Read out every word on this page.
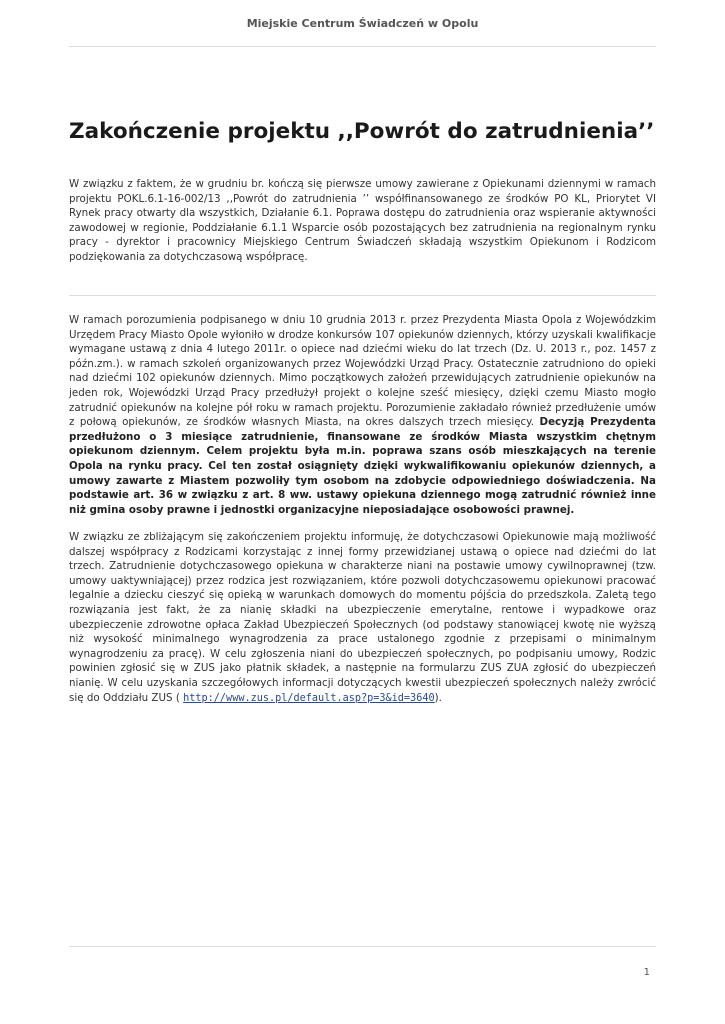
Miejskie Centrum Świadczeń w Opolu
Zakończenie projektu ,,Powrót do zatrudnienia’’

W związku z faktem, że w grudniu br. kończą się pierwsze umowy zawierane z Opiekunami dziennymi w ramach projektu POKL.6.1-16-002/13 ,,Powrót do zatrudnienia ’’ współfinansowanego ze środków PO KL, Priorytet VI Rynek pracy otwarty dla wszystkich, Działanie 6.1. Poprawa dostępu do zatrudnienia oraz wspieranie aktywności zawodowej w regionie, Poddziałanie 6.1.1 Wsparcie osób pozostających bez zatrudnienia na regionalnym rynku pracy - dyrektor i pracownicy Miejskiego Centrum Świadczeń składają wszystkim Opiekunom i Rodzicom podziękowania za dotychczasową współpracę.

W ramach porozumienia podpisanego w dniu 10 grudnia 2013 r. przez Prezydenta Miasta Opola z Wojewódzkim Urzędem Pracy Miasto Opole wyłoniło w drodze konkursów 107 opiekunów dziennych, którzy uzyskali kwalifikacje wymagane ustawą z dnia 4 lutego 2011r. o opiece nad dziećmi wieku do lat trzech (Dz. U. 2013 r., poz. 1457 z późn.zm.). w ramach szkoleń organizowanych przez Wojewódzki Urząd Pracy. Ostatecznie zatrudniono do opieki nad dziećmi 102 opiekunów dziennych. Mimo początkowych założeń przewidujących zatrudnienie opiekunów na jeden rok, Wojewódzki Urząd Pracy przedłużył projekt o kolejne sześć miesięcy, dzięki czemu Miasto mogło zatrudnić opiekunów na kolejne pół roku w ramach projektu. Porozumienie zakładało również przedłużenie umów z połową opiekunów, ze środków własnych Miasta, na okres dalszych trzech miesięcy. Decyzją Prezydenta przedłużono o 3 miesiące zatrudnienie, finansowane ze środków Miasta wszystkim chętnym opiekunom dziennym. Celem projektu była m.in. poprawa szans osób mieszkających na terenie Opola na rynku pracy. Cel ten został osiągnięty dzięki wykwalifikowaniu opiekunów dziennych, a umowy zawarte z Miastem pozwoliły tym osobom na zdobycie odpowiedniego doświadczenia. Na podstawie art. 36 w związku z art. 8 ww. ustawy opiekuna dziennego mogą zatrudnić również inne niż gmina osoby prawne i jednostki organizacyjne nieposiadające osobowości prawnej.

W związku ze zbliżającym się zakończeniem projektu informuję, że dotychczasowi Opiekunowie mają możliwość dalszej współpracy z Rodzicami korzystając z innej formy przewidzianej ustawą o opiece nad dziećmi do lat trzech. Zatrudnienie dotychczasowego opiekuna w charakterze niani na postawie umowy cywilnoprawnej (tzw. umowy uaktywniającej) przez rodzica jest rozwiązaniem, które pozwoli dotychczasowemu opiekunowi pracować legalnie a dziecku cieszyć się opieką w warunkach domowych do momentu pójścia do przedszkola. Zaletą tego rozwiązania jest fakt, że za nianię składki na ubezpieczenie emerytalne, rentowe i wypadkowe oraz ubezpieczenie zdrowotne opłaca Zakład Ubezpieczeń Społecznych (od podstawy stanowiącej kwotę nie wyższą niż wysokość minimalnego wynagrodzenia za prace ustalonego zgodnie z przepisami o minimalnym wynagrodzeniu za pracę). W celu zgłoszenia niani do ubezpieczeń społecznych, po podpisaniu umowy, Rodzic powinien zgłosić się w ZUS jako płatnik składek, a następnie na formularzu ZUS ZUA zgłosić do ubezpieczeń nianię. W celu uzyskania szczegółowych informacji dotyczących kwestii ubezpieczeń społecznych należy zwrócić się do Oddziału ZUS ( http://www.zus.pl/default.asp?p=3&id=3640).

1
